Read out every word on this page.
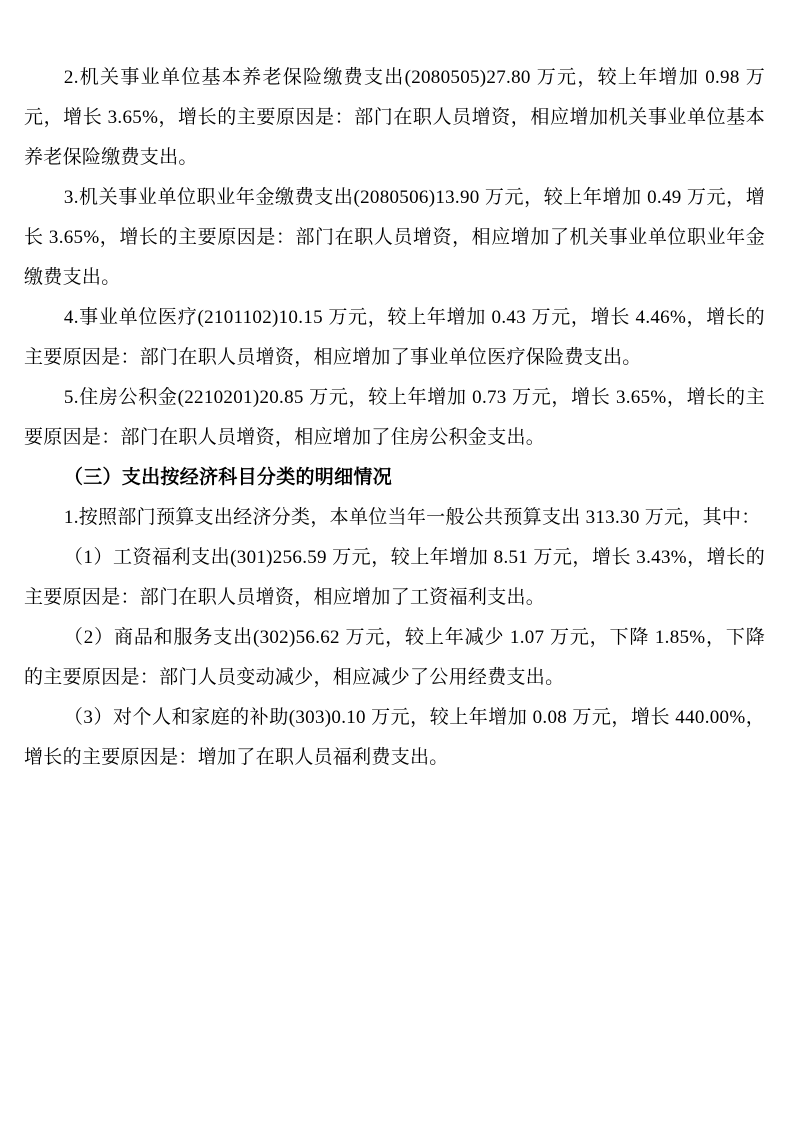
2.机关事业单位基本养老保险缴费支出(2080505)27.80 万元，较上年增加 0.98 万元，增长 3.65%，增长的主要原因是：部门在职人员增资，相应增加机关事业单位基本养老保险缴费支出。

3.机关事业单位职业年金缴费支出(2080506)13.90 万元，较上年增加 0.49 万元，增长 3.65%，增长的主要原因是：部门在职人员增资，相应增加了机关事业单位职业年金缴费支出。

4.事业单位医疗(2101102)10.15 万元，较上年增加 0.43 万元，增长 4.46%，增长的主要原因是：部门在职人员增资，相应增加了事业单位医疗保险费支出。

5.住房公积金(2210201)20.85 万元，较上年增加 0.73 万元，增长 3.65%，增长的主要原因是：部门在职人员增资，相应增加了住房公积金支出。

（三）支出按经济科目分类的明细情况

1.按照部门预算支出经济分类，本单位当年一般公共预算支出 313.30 万元，其中：

（1）工资福利支出(301)256.59 万元，较上年增加 8.51 万元，增长 3.43%，增长的主要原因是：部门在职人员增资，相应增加了工资福利支出。

（2）商品和服务支出(302)56.62 万元，较上年减少 1.07 万元，下降 1.85%，下降的主要原因是：部门人员变动减少，相应减少了公用经费支出。

（3）对个人和家庭的补助(303)0.10 万元，较上年增加 0.08 万元，增长 440.00%，增长的主要原因是：增加了在职人员福利费支出。
